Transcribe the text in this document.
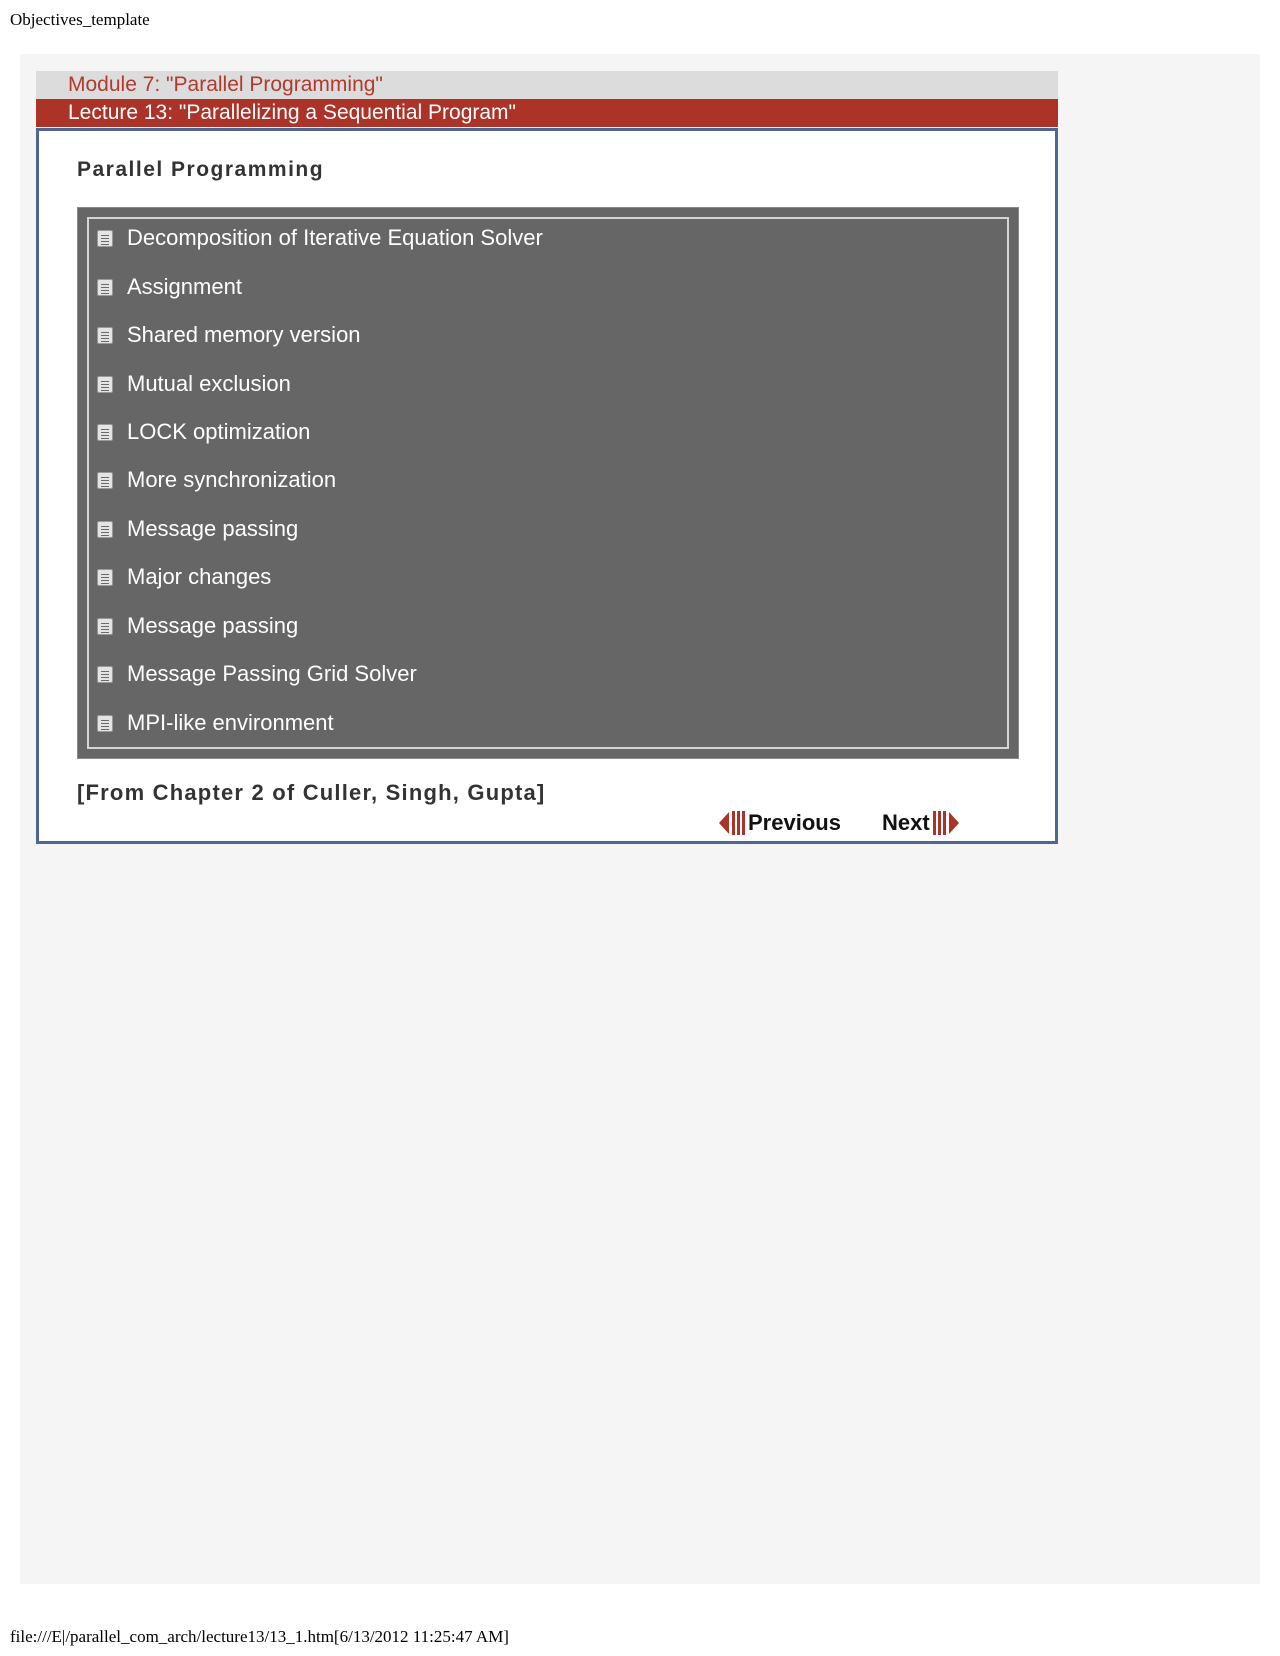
Objectives_template
Module 7: "Parallel Programming"
Lecture 13: "Parallelizing a Sequential Program"
Parallel Programming
Decomposition of Iterative Equation Solver
Assignment
Shared memory version
Mutual exclusion
LOCK optimization
More synchronization
Message passing
Major changes
Message passing
Message Passing Grid Solver
MPI-like environment
[From Chapter 2 of Culler, Singh, Gupta]
Previous Next
file:///E|/parallel_com_arch/lecture13/13_1.htm[6/13/2012 11:25:47 AM]
